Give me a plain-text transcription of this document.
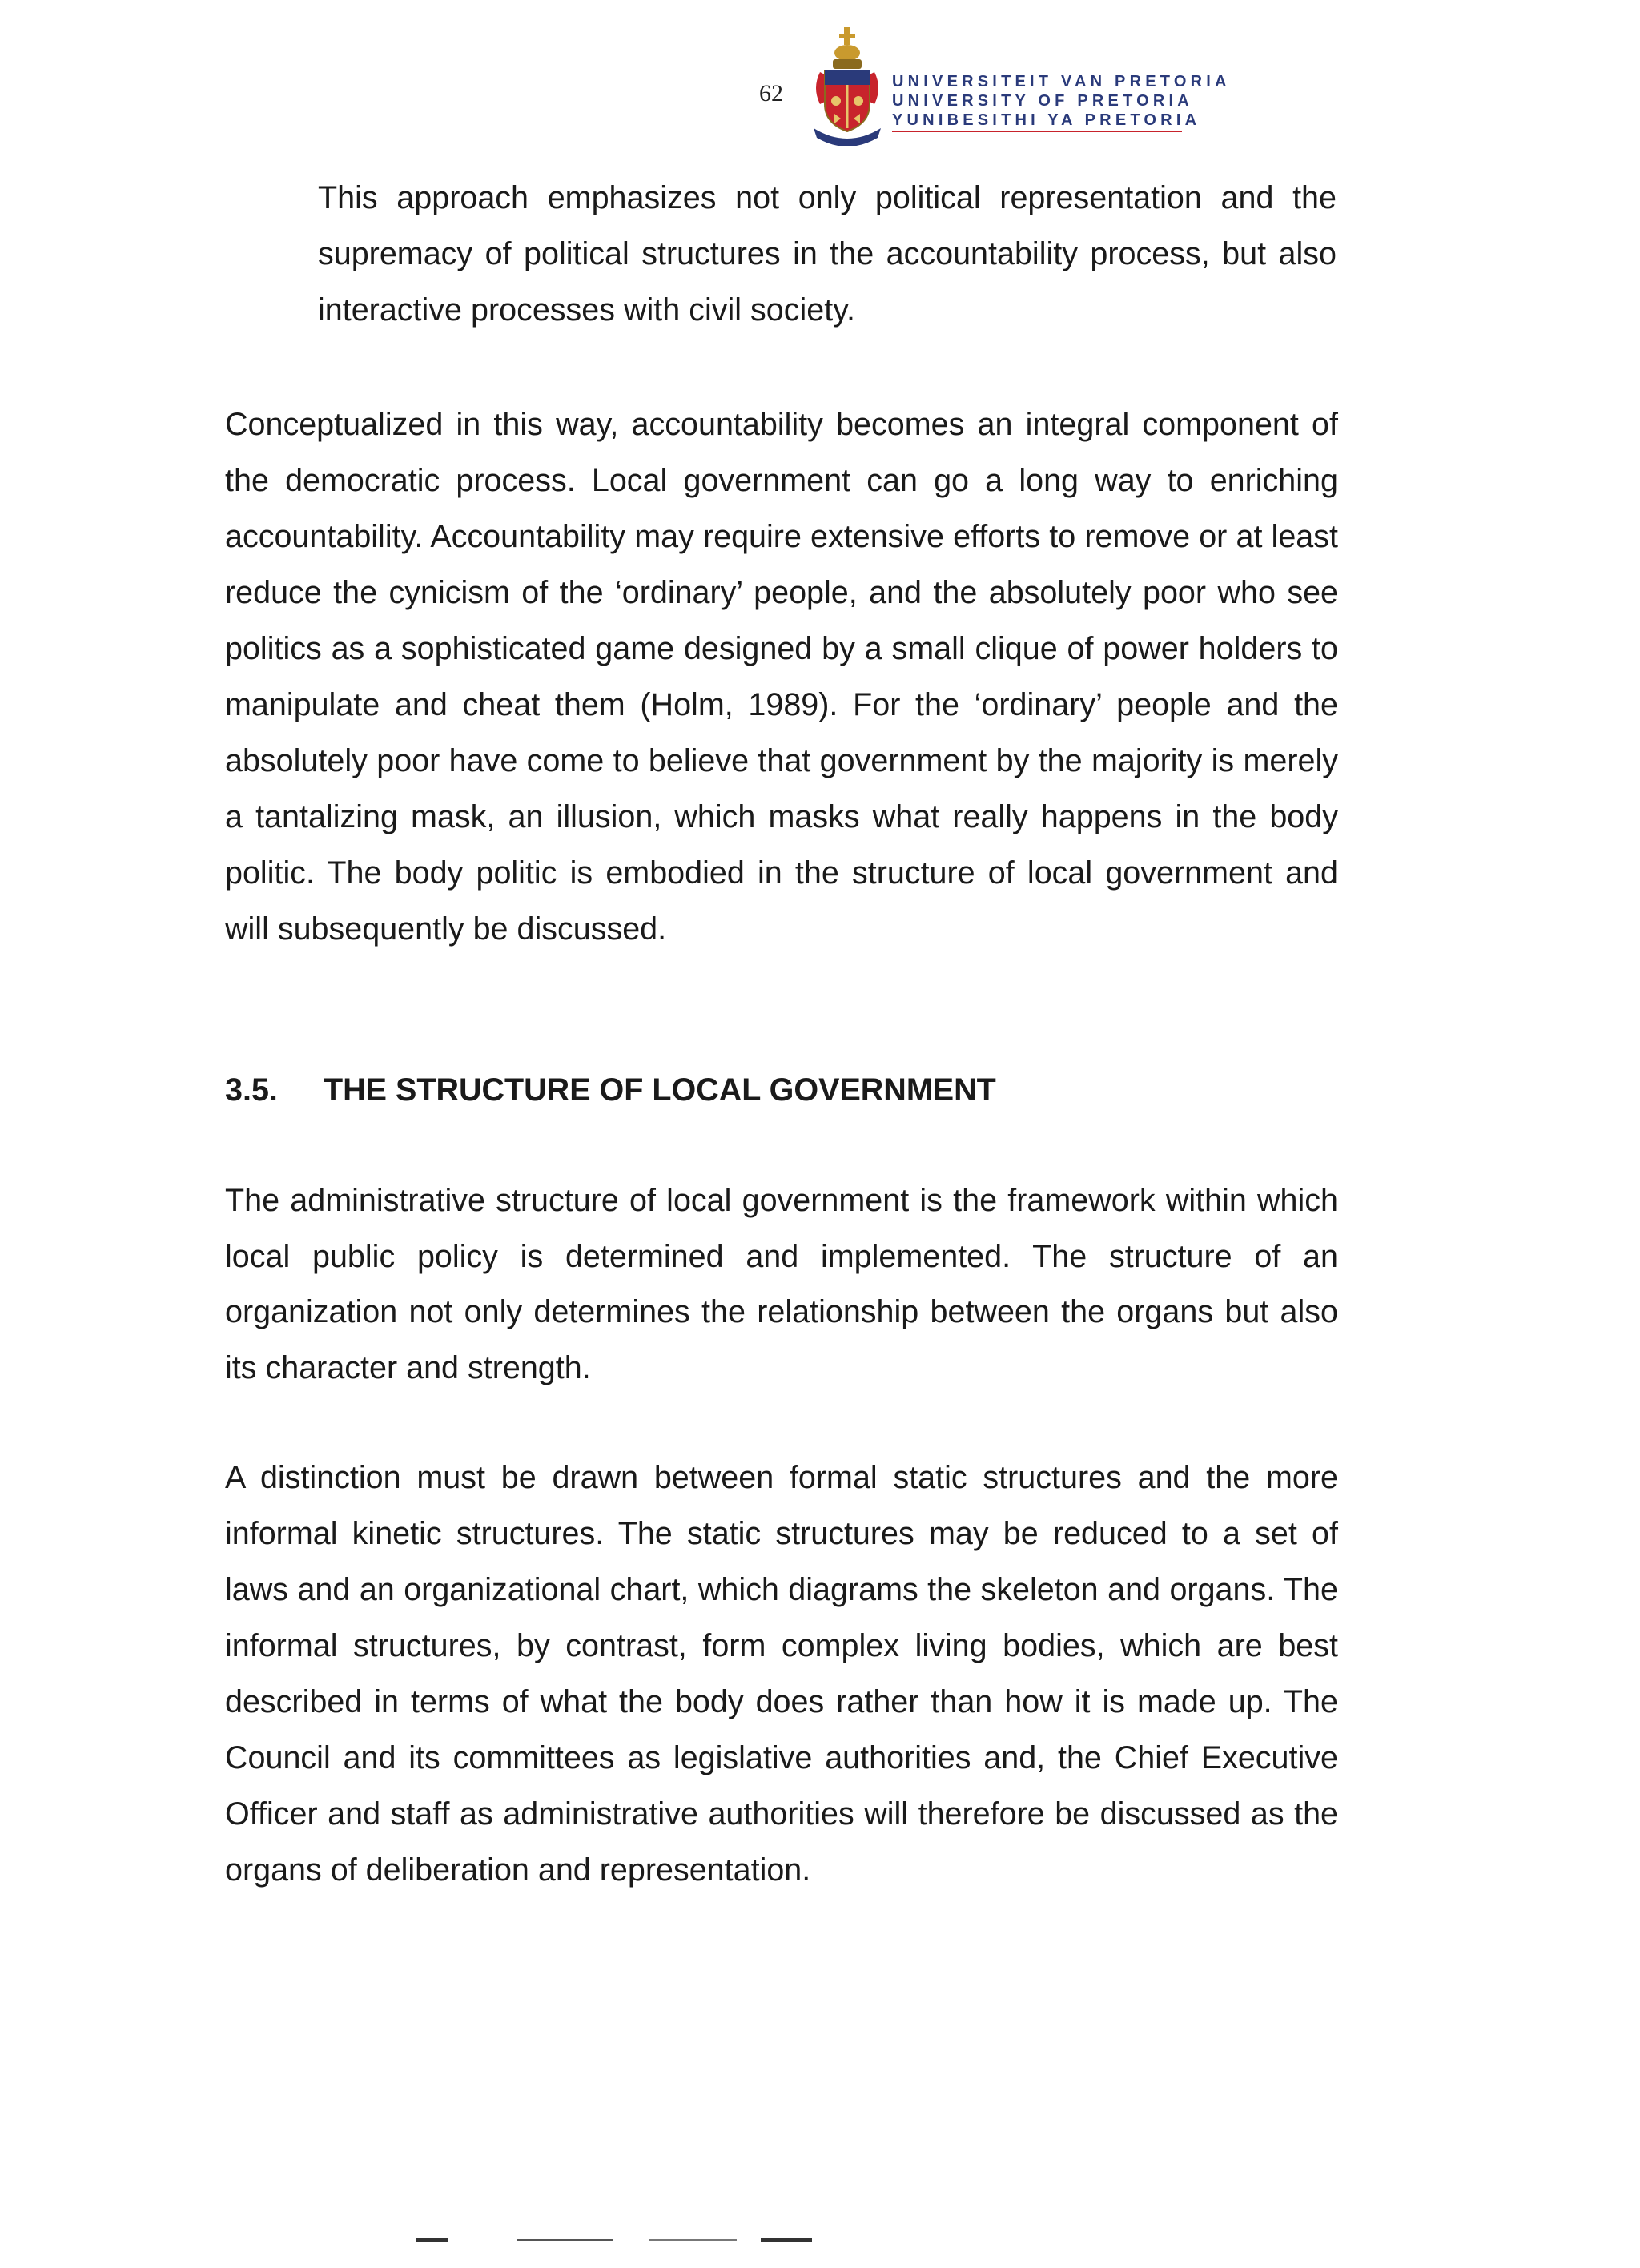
62	UNIVERSITEIT VAN PRETORIA
UNIVERSITY OF PRETORIA
YUNIBESITHI YA PRETORIA

This approach emphasizes not only political representation and the supremacy of political structures in the accountability process, but also interactive processes with civil society.

Conceptualized in this way, accountability becomes an integral component of the democratic process. Local government can go a long way to enriching accountability. Accountability may require extensive efforts to remove or at least reduce the cynicism of the ‘ordinary’ people, and the absolutely poor who see politics as a sophisticated game designed by a small clique of power holders to manipulate and cheat them (Holm, 1989). For the ‘ordinary’ people and the absolutely poor have come to believe that government by the majority is merely a tantalizing mask, an illusion, which masks what really happens in the body politic. The body politic is embodied in the structure of local government and will subsequently be discussed.

3.5. THE STRUCTURE OF LOCAL GOVERNMENT

The administrative structure of local government is the framework within which local public policy is determined and implemented. The structure of an organization not only determines the relationship between the organs but also its character and strength.

A distinction must be drawn between formal static structures and the more informal kinetic structures. The static structures may be reduced to a set of laws and an organizational chart, which diagrams the skeleton and organs. The informal structures, by contrast, form complex living bodies, which are best described in terms of what the body does rather than how it is made up. The Council and its committees as legislative authorities and, the Chief Executive Officer and staff as administrative authorities will therefore be discussed as the organs of deliberation and representation.
